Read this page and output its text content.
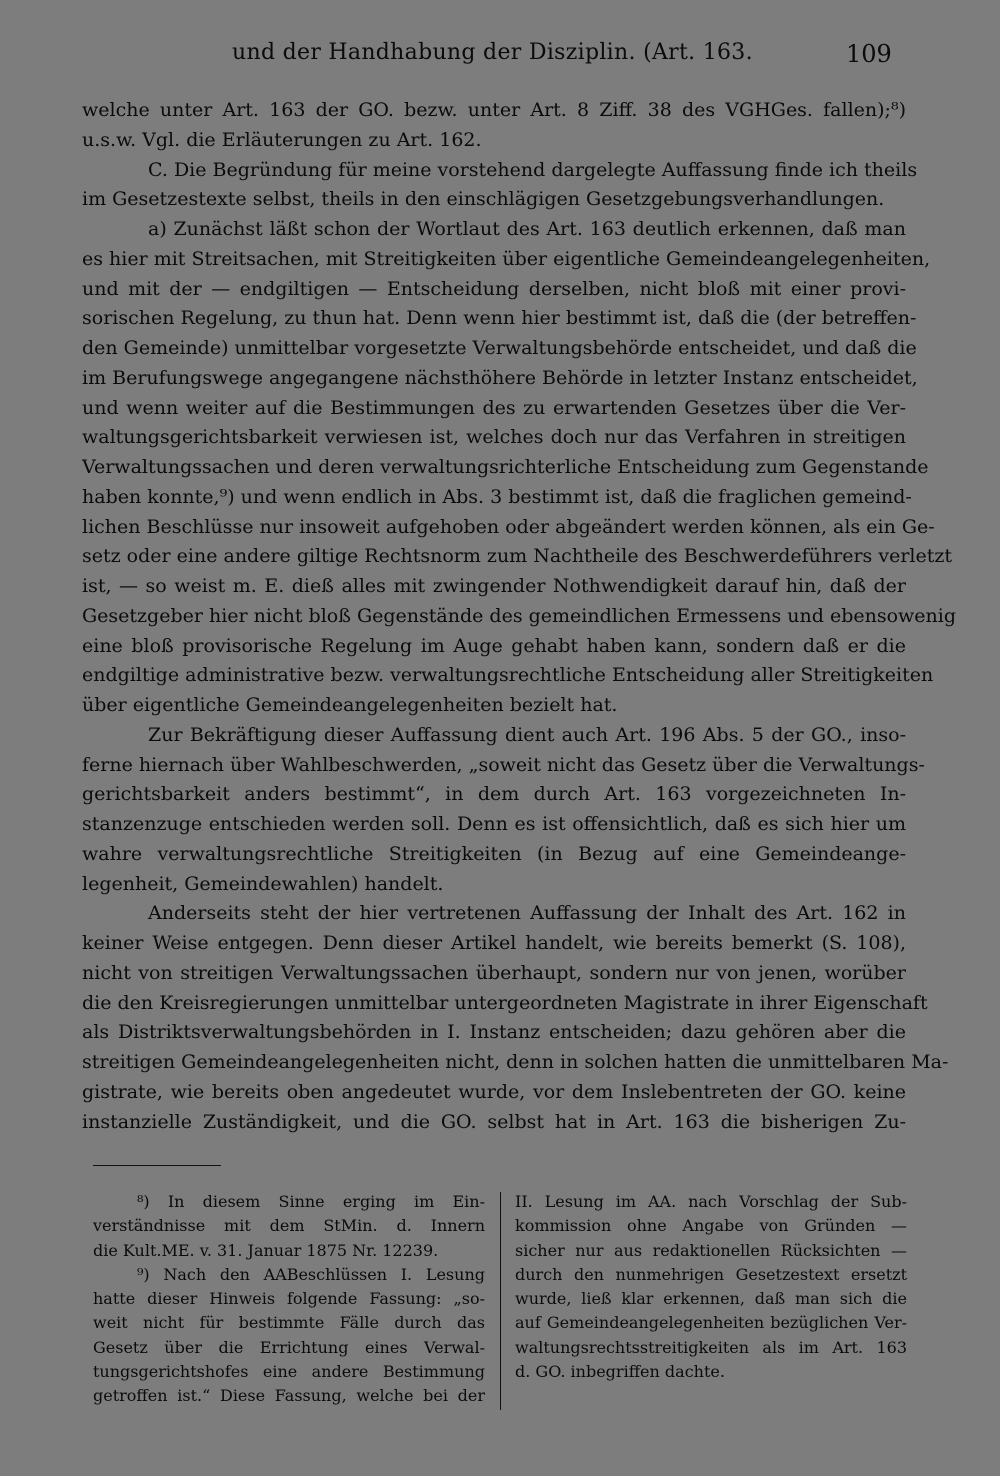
und der Handhabung der Disziplin. (Art. 163.	109
welche unter Art. 163 der GO. bezw. unter Art. 8 Ziff. 38 des VGHGes. fallen);⁸)
u.s.w. Vgl. die Erläuterungen zu Art. 162.
C. Die Begründung für meine vorstehend dargelegte Auffassung finde ich theils
im Gesetzestexte selbst, theils in den einschlägigen Gesetzgebungsverhandlungen.
a) Zunächst läßt schon der Wortlaut des Art. 163 deutlich erkennen, daß man
es hier mit Streitsachen, mit Streitigkeiten über eigentliche Gemeindeangelegenheiten,
und mit der — endgiltigen — Entscheidung derselben, nicht bloß mit einer provi-
sorischen Regelung, zu thun hat. Denn wenn hier bestimmt ist, daß die (der betreffen-
den Gemeinde) unmittelbar vorgesetzte Verwaltungsbehörde entscheidet, und daß die
im Berufungswege angegangene nächsthöhere Behörde in letzter Instanz entscheidet,
und wenn weiter auf die Bestimmungen des zu erwartenden Gesetzes über die Ver-
waltungsgerichtsbarkeit verwiesen ist, welches doch nur das Verfahren in streitigen
Verwaltungssachen und deren verwaltungsrichterliche Entscheidung zum Gegenstande
haben konnte,⁹) und wenn endlich in Abs. 3 bestimmt ist, daß die fraglichen gemeind-
lichen Beschlüsse nur insoweit aufgehoben oder abgeändert werden können, als ein Ge-
setz oder eine andere giltige Rechtsnorm zum Nachtheile des Beschwerdeführers verletzt
ist, — so weist m. E. dieß alles mit zwingender Nothwendigkeit darauf hin, daß der
Gesetzgeber hier nicht bloß Gegenstände des gemeindlichen Ermessens und ebensowenig
eine bloß provisorische Regelung im Auge gehabt haben kann, sondern daß er die
endgiltige administrative bezw. verwaltungsrechtliche Entscheidung aller Streitigkeiten
über eigentliche Gemeindeangelegenheiten bezielt hat.
Zur Bekräftigung dieser Auffassung dient auch Art. 196 Abs. 5 der GO., inso-
ferne hiernach über Wahlbeschwerden, „soweit nicht das Gesetz über die Verwaltungs-
gerichtsbarkeit anders bestimmt“, in dem durch Art. 163 vorgezeichneten In-
stanzenzuge entschieden werden soll. Denn es ist offensichtlich, daß es sich hier um
wahre verwaltungsrechtliche Streitigkeiten (in Bezug auf eine Gemeindeange-
legenheit, Gemeindewahlen) handelt.
Anderseits steht der hier vertretenen Auffassung der Inhalt des Art. 162 in
keiner Weise entgegen. Denn dieser Artikel handelt, wie bereits bemerkt (S. 108),
nicht von streitigen Verwaltungssachen überhaupt, sondern nur von jenen, worüber
die den Kreisregierungen unmittelbar untergeordneten Magistrate in ihrer Eigenschaft
als Distriktsverwaltungsbehörden in I. Instanz entscheiden; dazu gehören aber die
streitigen Gemeindeangelegenheiten nicht, denn in solchen hatten die unmittelbaren Ma-
gistrate, wie bereits oben angedeutet wurde, vor dem Inslebentreten der GO. keine
instanzielle Zuständigkeit, und die GO. selbst hat in Art. 163 die bisherigen Zu-
⁸) In diesem Sinne erging im Ein-
verständnisse mit dem StMin. d. Innern
die Kult.ME. v. 31. Januar 1875 Nr. 12239.
⁹) Nach den AABeschlüssen I. Lesung
hatte dieser Hinweis folgende Fassung: „so-
weit nicht für bestimmte Fälle durch das
Gesetz über die Errichtung eines Verwal-
tungsgerichtshofes eine andere Bestimmung
getroffen ist.“ Diese Fassung, welche bei der
II. Lesung im AA. nach Vorschlag der Sub-
kommission ohne Angabe von Gründen —
sicher nur aus redaktionellen Rücksichten —
durch den nunmehrigen Gesetzestext ersetzt
wurde, ließ klar erkennen, daß man sich die
auf Gemeindeangelegenheiten bezüglichen Ver-
waltungsrechtsstreitigkeiten als im Art. 163
d. GO. inbegriffen dachte.
